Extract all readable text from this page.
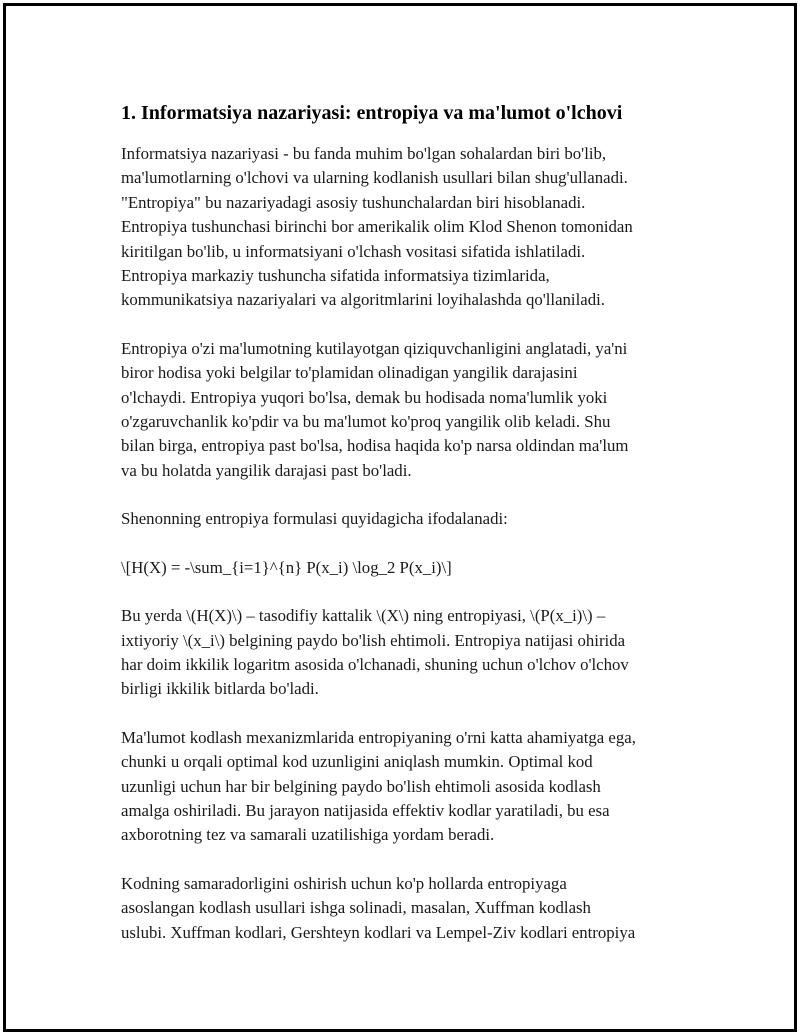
1. Informatsiya nazariyasi: entropiya va ma'lumot o'lchovi
Informatsiya nazariyasi - bu fanda muhim bo'lgan sohalardan biri bo'lib,
ma'lumotlarning o'lchovi va ularning kodlanish usullari bilan shug'ullanadi.
"Entropiya" bu nazariyadagi asosiy tushunchalardan biri hisoblanadi.
Entropiya tushunchasi birinchi bor amerikalik olim Klod Shenon tomonidan
kiritilgan bo'lib, u informatsiyani o'lchash vositasi sifatida ishlatiladi.
Entropiya markaziy tushuncha sifatida informatsiya tizimlarida,
kommunikatsiya nazariyalari va algoritmlarini loyihalashda qo'llaniladi.
Entropiya o'zi ma'lumotning kutilayotgan qiziquvchanligini anglatadi, ya'ni
biror hodisa yoki belgilar to'plamidan olinadigan yangilik darajasini
o'lchaydi. Entropiya yuqori bo'lsa, demak bu hodisada noma'lumlik yoki
o'zgaruvchanlik ko'pdir va bu ma'lumot ko'proq yangilik olib keladi. Shu
bilan birga, entropiya past bo'lsa, hodisa haqida ko'p narsa oldindan ma'lum
va bu holatda yangilik darajasi past bo'ladi.
Shenonning entropiya formulasi quyidagicha ifodalanadi:
\[H(X) = -\sum_{i=1}^{n} P(x_i) \log_2 P(x_i)\]
Bu yerda \(H(X)\) – tasodifiy kattalik \(X\) ning entropiyasi, \(P(x_i)\) –
ixtiyoriy \(x_i\) belgining paydo bo'lish ehtimoli. Entropiya natijasi ohirida
har doim ikkilik logaritm asosida o'lchanadi, shuning uchun o'lchov o'lchov
birligi ikkilik bitlarda bo'ladi.
Ma'lumot kodlash mexanizmlarida entropiyaning o'rni katta ahamiyatga ega,
chunki u orqali optimal kod uzunligini aniqlash mumkin. Optimal kod
uzunligi uchun har bir belgining paydo bo'lish ehtimoli asosida kodlash
amalga oshiriladi. Bu jarayon natijasida effektiv kodlar yaratiladi, bu esa
axborotning tez va samarali uzatilishiga yordam beradi.
Kodning samaradorligini oshirish uchun ko'p hollarda entropiyaga
asoslangan kodlash usullari ishga solinadi, masalan, Xuffman kodlash
uslubi. Xuffman kodlari, Gershteyn kodlari va Lempel-Ziv kodlari entropiya
